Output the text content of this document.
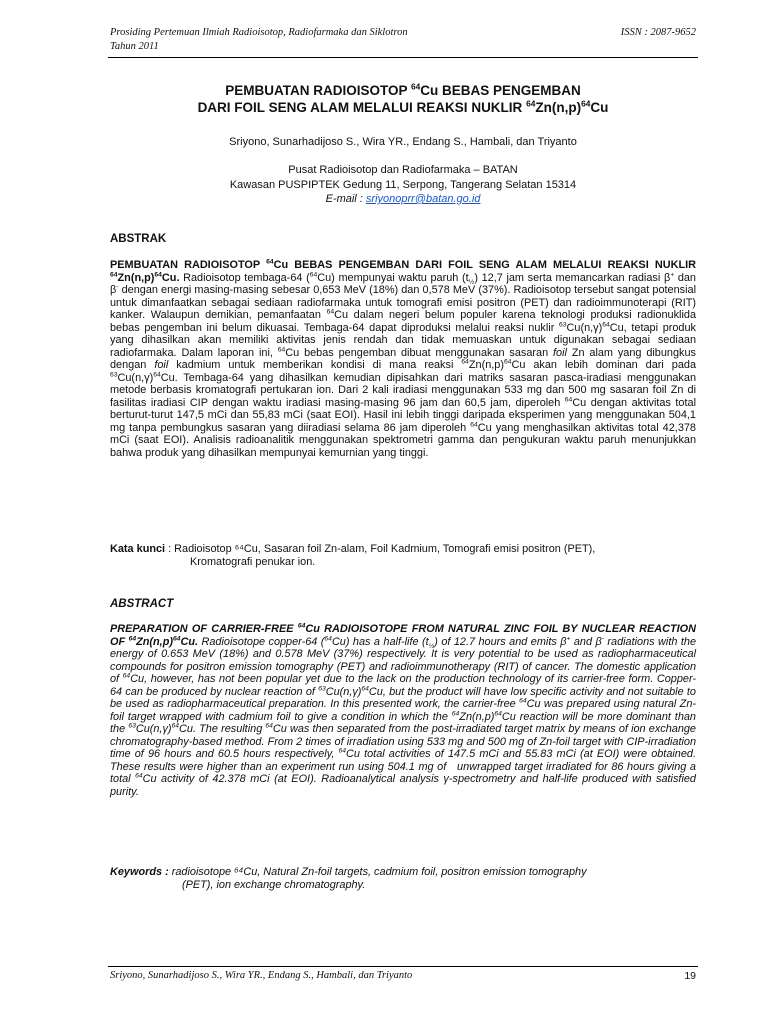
Prosiding Pertemuan Ilmiah Radioisotop, Radiofarmaka dan Siklotron
Tahun 2011
ISSN : 2087-9652
PEMBUATAN RADIOISOTOP $^{64}$Cu BEBAS PENGEMBAN
DARI FOIL SENG ALAM MELALUI REAKSI NUKLIR $^{64}Zn(n,p)^{64}Cu$
Sriyono, Sunarhadijoso S., Wira YR., Endang S., Hambali, dan Triyanto
Pusat Radioisotop dan Radiofarmaka – BATAN
Kawasan PUSPIPTEK Gedung 11, Serpong, Tangerang Selatan 15314
E-mail : sriyonoprr@batan.go.id
ABSTRAK
PEMBUATAN RADIOISOTOP $^{64}$Cu BEBAS PENGEMBAN DARI FOIL SENG ALAM MELALUI REAKSI NUKLIR $^{64}Zn(n,p)^{64}Cu$. Radioisotop tembaga-64 ($^{64}$Cu) mempunyai waktu paruh $(t_{\frac{1}{2}})$ 12,7 jam serta memancarkan radiasi β+ dan β- dengan energi masing-masing sebesar 0,653 MeV (18%) dan 0,578 MeV (37%). Radioisotop tersebut sangat potensial untuk dimanfaatkan sebagai sediaan radiofarmaka untuk tomografi emisi positron (PET) dan radioimmunoterapi (RIT) kanker. Walaupun demikian, pemanfaatan $^{64}$Cu dalam negeri belum populer karena teknologi produksi radionuklida bebas pengemban ini belum dikuasai. Tembaga-64 dapat diproduksi melalui reaksi nuklir $^{63}Cu(n,\gamma)^{64}Cu$, tetapi produk yang dihasilkan akan memiliki aktivitas jenis rendah dan tidak memuaskan untuk digunakan sebagai sediaan radiofarmaka. Dalam laporan ini, $^{64}$Cu bebas pengemban dibuat menggunakan sasaran foil Zn alam yang dibungkus dengan foil kadmium untuk memberikan kondisi di mana reaksi $^{64}Zn(n,p)^{64}Cu$ akan lebih dominan dari pada $^{63}Cu(n,\gamma)^{64}Cu$. Tembaga-64 yang dihasilkan kemudian dipisahkan dari matriks sasaran pasca-iradiasi menggunakan metode berbasis kromatografi pertukaran ion. Dari 2 kali iradiasi menggunakan 533 mg dan 500 mg sasaran foil Zn di fasilitas iradiasi CIP dengan waktu iradiasi masing-masing 96 jam dan 60,5 jam, diperoleh $^{64}$Cu dengan aktivitas total berturut-turut 147,5 mCi dan 55,83 mCi (saat EOI). Hasil ini lebih tinggi daripada eksperimen yang menggunakan 504,1 mg tanpa pembungkus sasaran yang diiradiasi selama 86 jam diperoleh $^{64}$Cu yang menghasilkan aktivitas total 42,378 mCi (saat EOI). Analisis radioanalitik menggunakan spektrometri gamma dan pengukuran waktu paruh menunjukkan bahwa produk yang dihasilkan mempunyai kemurnian yang tinggi.
Kata kunci : Radioisotop ⁶⁴Cu, Sasaran foil Zn-alam, Foil Kadmium, Tomografi emisi positron (PET),
Kromatografi penukar ion.
ABSTRACT
PREPARATION OF CARRIER-FREE $^{64}$Cu RADIOISOTOPE FROM NATURAL ZINC FOIL BY NUCLEAR REACTION OF $^{64}Zn(n,p)^{64}Cu$. Radioisotope copper-64 ($^{64}$Cu) has a half-life $(t_{\frac{1}{2}})$ of 12.7 hours and emits β+ and β- radiations with the energy of 0.653 MeV (18%) and 0.578 MeV (37%) respectively. It is very potential to be used as radiopharmaceutical compounds for positron emission tomography (PET) and radioimmunotherapy (RIT) of cancer. The domestic application of $^{64}$Cu, however, has not been popular yet due to the lack on the production technology of its carrier-free form. Copper-64 can be produced by nuclear reaction of $^{63}Cu(n,\gamma)^{64}Cu$, but the product will have low specific activity and not suitable to be used as radiopharmaceutical preparation. In this presented work, the carrier-free $^{64}$Cu was prepared using natural Zn-foil target wrapped with cadmium foil to give a condition in which the $^{64}Zn(n,p)^{64}Cu$ reaction will be more dominant than the $^{63}Cu(n,\gamma)^{64}Cu$. The resulting $^{64}$Cu was then separated from the post-irradiated target matrix by means of ion exchange chromatography-based method. From 2 times of irradiation using 533 mg and 500 mg of Zn-foil target with CIP-irradiation time of 96 hours and 60.5 hours respectively, $^{64}$Cu total activities of 147.5 mCi and 55.83 mCi (at EOI) were obtained. These results were higher than an experiment run using 504.1 mg of   unwrapped target irradiated for 86 hours giving a total $^{64}$Cu activity of 42.378 mCi (at EOI). Radioanalytical analysis γ-spectrometry and half-life produced with satisfied purity.
Keywords : radioisotope ⁶⁴Cu, Natural Zn-foil targets, cadmium foil, positron emission tomography
(PET), ion exchange chromatography.
Sriyono, Sunarhadijoso S., Wira YR., Endang S., Hambali, dan Triyanto	19
